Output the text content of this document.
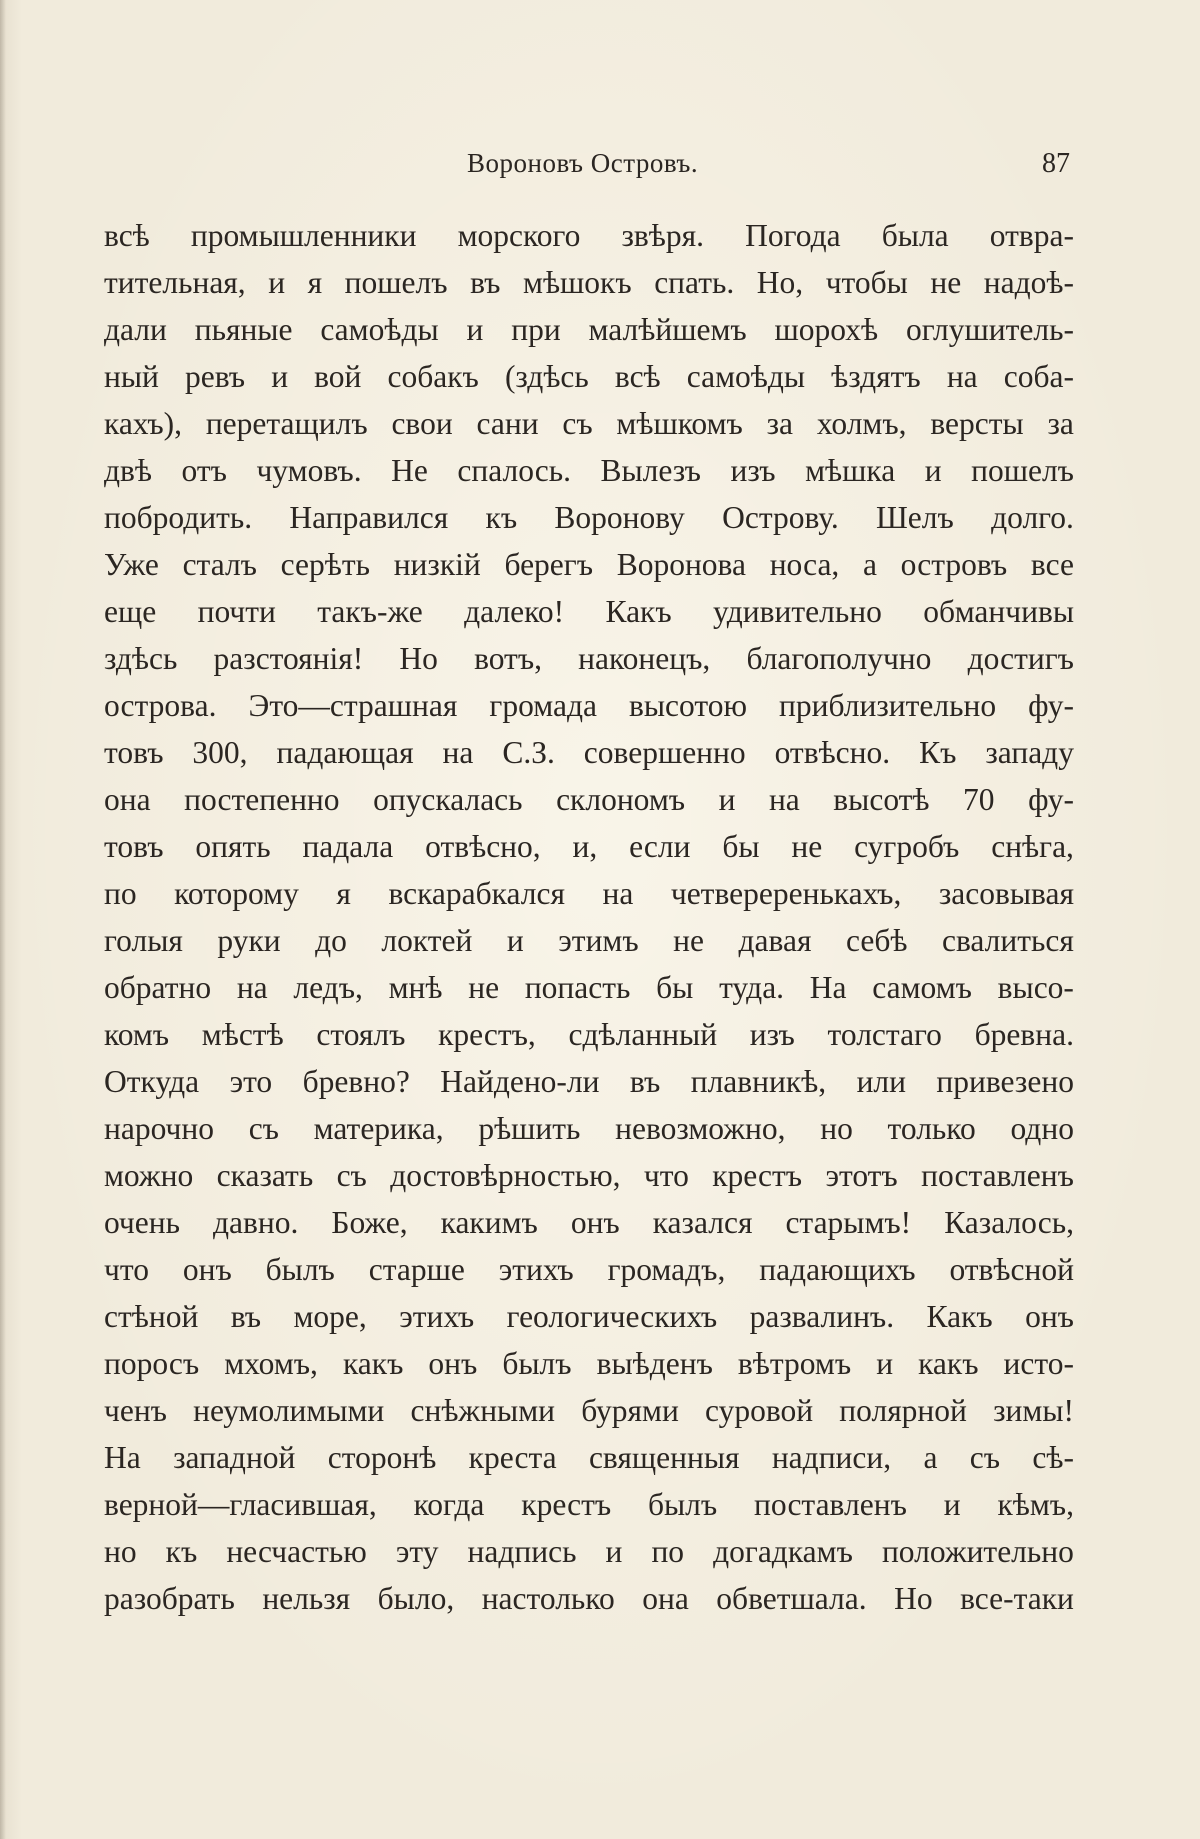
Вороновъ Островъ.	87
всѣ промышленники морского звѣря. Погода была отвра-
тительная, и я пошелъ въ мѣшокъ спать. Но, чтобы не надоѣ-
дали пьяные самоѣды и при малѣйшемъ шорохѣ оглушитель-
ный ревъ и вой собакъ (здѣсь всѣ самоѣды ѣздятъ на соба-
кахъ), перетащилъ свои сани съ мѣшкомъ за холмъ, версты за
двѣ отъ чумовъ. Не спалось. Вылезъ изъ мѣшка и пошелъ
побродить. Направился къ Воронову Острову. Шелъ долго.
Уже сталъ серѣть низкій берегъ Воронова носа, а островъ все
еще почти такъ-же далеко! Какъ удивительно обманчивы
здѣсь разстоянія! Но вотъ, наконецъ, благополучно достигъ
острова. Это—страшная громада высотою приблизительно фу-
товъ 300, падающая на С.З. совершенно отвѣсно. Къ западу
она постепенно опускалась склономъ и на высотѣ 70 фу-
товъ опять падала отвѣсно, и, если бы не сугробъ снѣга,
по которому я вскарабкался на четвереренькахъ, засовывая
голыя руки до локтей и этимъ не давая себѣ свалиться
обратно на ледъ, мнѣ не попасть бы туда. На самомъ высо-
комъ мѣстѣ стоялъ крестъ, сдѣланный изъ толстаго бревна.
Откуда это бревно? Найдено-ли въ плавникѣ, или привезено
нарочно съ материка, рѣшить невозможно, но только одно
можно сказать съ достовѣрностью, что крестъ этотъ поставленъ
очень давно. Боже, какимъ онъ казался старымъ! Казалось,
что онъ былъ старше этихъ громадъ, падающихъ отвѣсной
стѣной въ море, этихъ геологическихъ развалинъ. Какъ онъ
поросъ мхомъ, какъ онъ былъ выѣденъ вѣтромъ и какъ исто-
ченъ неумолимыми снѣжными бурями суровой полярной зимы!
На западной сторонѣ креста священныя надписи, а съ сѣ-
верной—гласившая, когда крестъ былъ поставленъ и кѣмъ,
но къ несчастью эту надпись и по догадкамъ положительно
разобрать нельзя было, настолько она обветшала. Но все-таки
